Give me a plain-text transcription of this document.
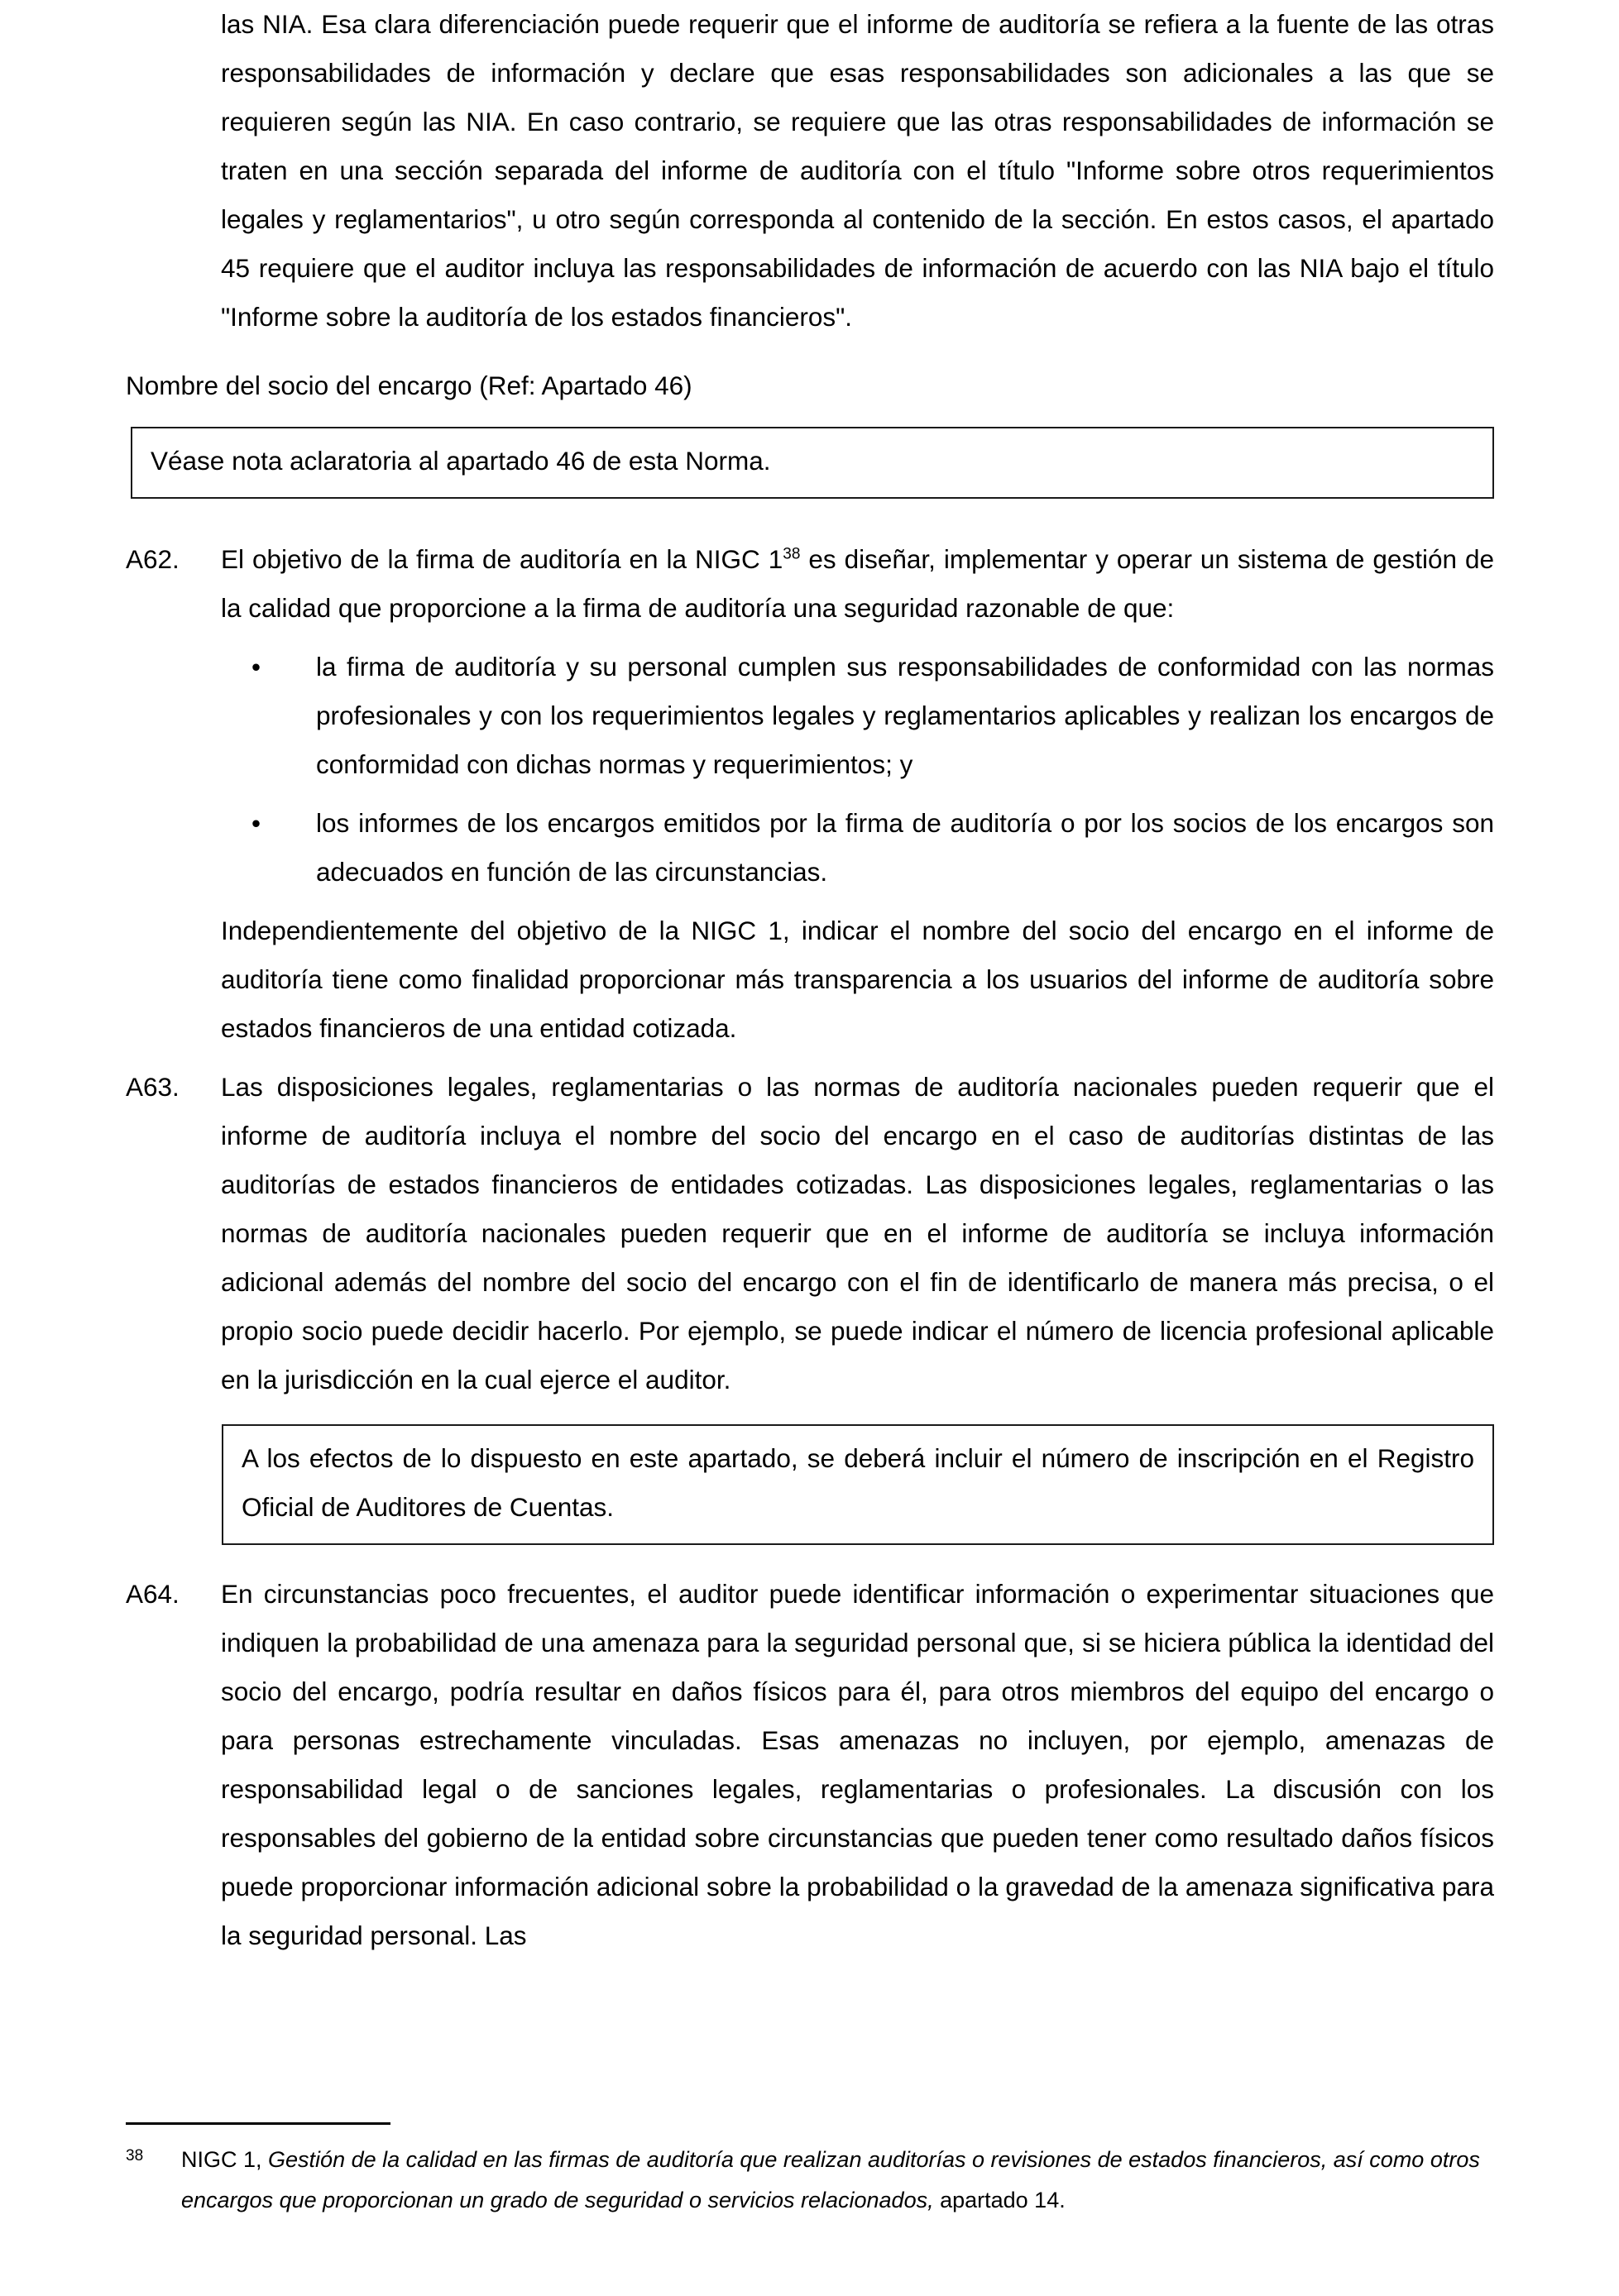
las NIA. Esa clara diferenciación puede requerir que el informe de auditoría se refiera a la fuente de las otras responsabilidades de información y declare que esas responsabilidades son adicionales a las que se requieren según las NIA. En caso contrario, se requiere que las otras responsabilidades de información se traten en una sección separada del informe de auditoría con el título "Informe sobre otros requerimientos legales y reglamentarios", u otro según corresponda al contenido de la sección. En estos casos, el apartado 45 requiere que el auditor incluya las responsabilidades de información de acuerdo con las NIA bajo el título "Informe sobre la auditoría de los estados financieros".

Nombre del socio del encargo (Ref: Apartado 46)

Véase nota aclaratoria al apartado 46 de esta Norma.
A62.	El objetivo de la firma de auditoría en la NIGC 1$^{38}$ es diseñar, implementar y operar un sistema de gestión de la calidad que proporcione a la firma de auditoría una seguridad razonable de que:
• la firma de auditoría y su personal cumplen sus responsabilidades de conformidad con las normas profesionales y con los requerimientos legales y reglamentarios aplicables y realizan los encargos de conformidad con dichas normas y requerimientos; y
• los informes de los encargos emitidos por la firma de auditoría o por los socios de los encargos son adecuados en función de las circunstancias.

Independientemente del objetivo de la NIGC 1, indicar el nombre del socio del encargo en el informe de auditoría tiene como finalidad proporcionar más transparencia a los usuarios del informe de auditoría sobre estados financieros de una entidad cotizada.

A63.	Las disposiciones legales, reglamentarias o las normas de auditoría nacionales pueden requerir que el informe de auditoría incluya el nombre del socio del encargo en el caso de auditorías distintas de las auditorías de estados financieros de entidades cotizadas. Las disposiciones legales, reglamentarias o las normas de auditoría nacionales pueden requerir que en el informe de auditoría se incluya información adicional además del nombre del socio del encargo con el fin de identificarlo de manera más precisa, o el propio socio puede decidir hacerlo. Por ejemplo, se puede indicar el número de licencia profesional aplicable en la jurisdicción en la cual ejerce el auditor.
A los efectos de lo dispuesto en este apartado, se deberá incluir el número de inscripción en el Registro Oficial de Auditores de Cuentas.
A64.	En circunstancias poco frecuentes, el auditor puede identificar información o experimentar situaciones que indiquen la probabilidad de una amenaza para la seguridad personal que, si se hiciera pública la identidad del socio del encargo, podría resultar en daños físicos para él, para otros miembros del equipo del encargo o para personas estrechamente vinculadas. Esas amenazas no incluyen, por ejemplo, amenazas de responsabilidad legal o de sanciones legales, reglamentarias o profesionales. La discusión con los responsables del gobierno de la entidad sobre circunstancias que pueden tener como resultado daños físicos puede proporcionar información adicional sobre la probabilidad o la gravedad de la amenaza significativa para la seguridad personal. Las
38 NIGC 1, Gestión de la calidad en las firmas de auditoría que realizan auditorías o revisiones de estados financieros, así como otros encargos que proporcionan un grado de seguridad o servicios relacionados, apartado 14.
